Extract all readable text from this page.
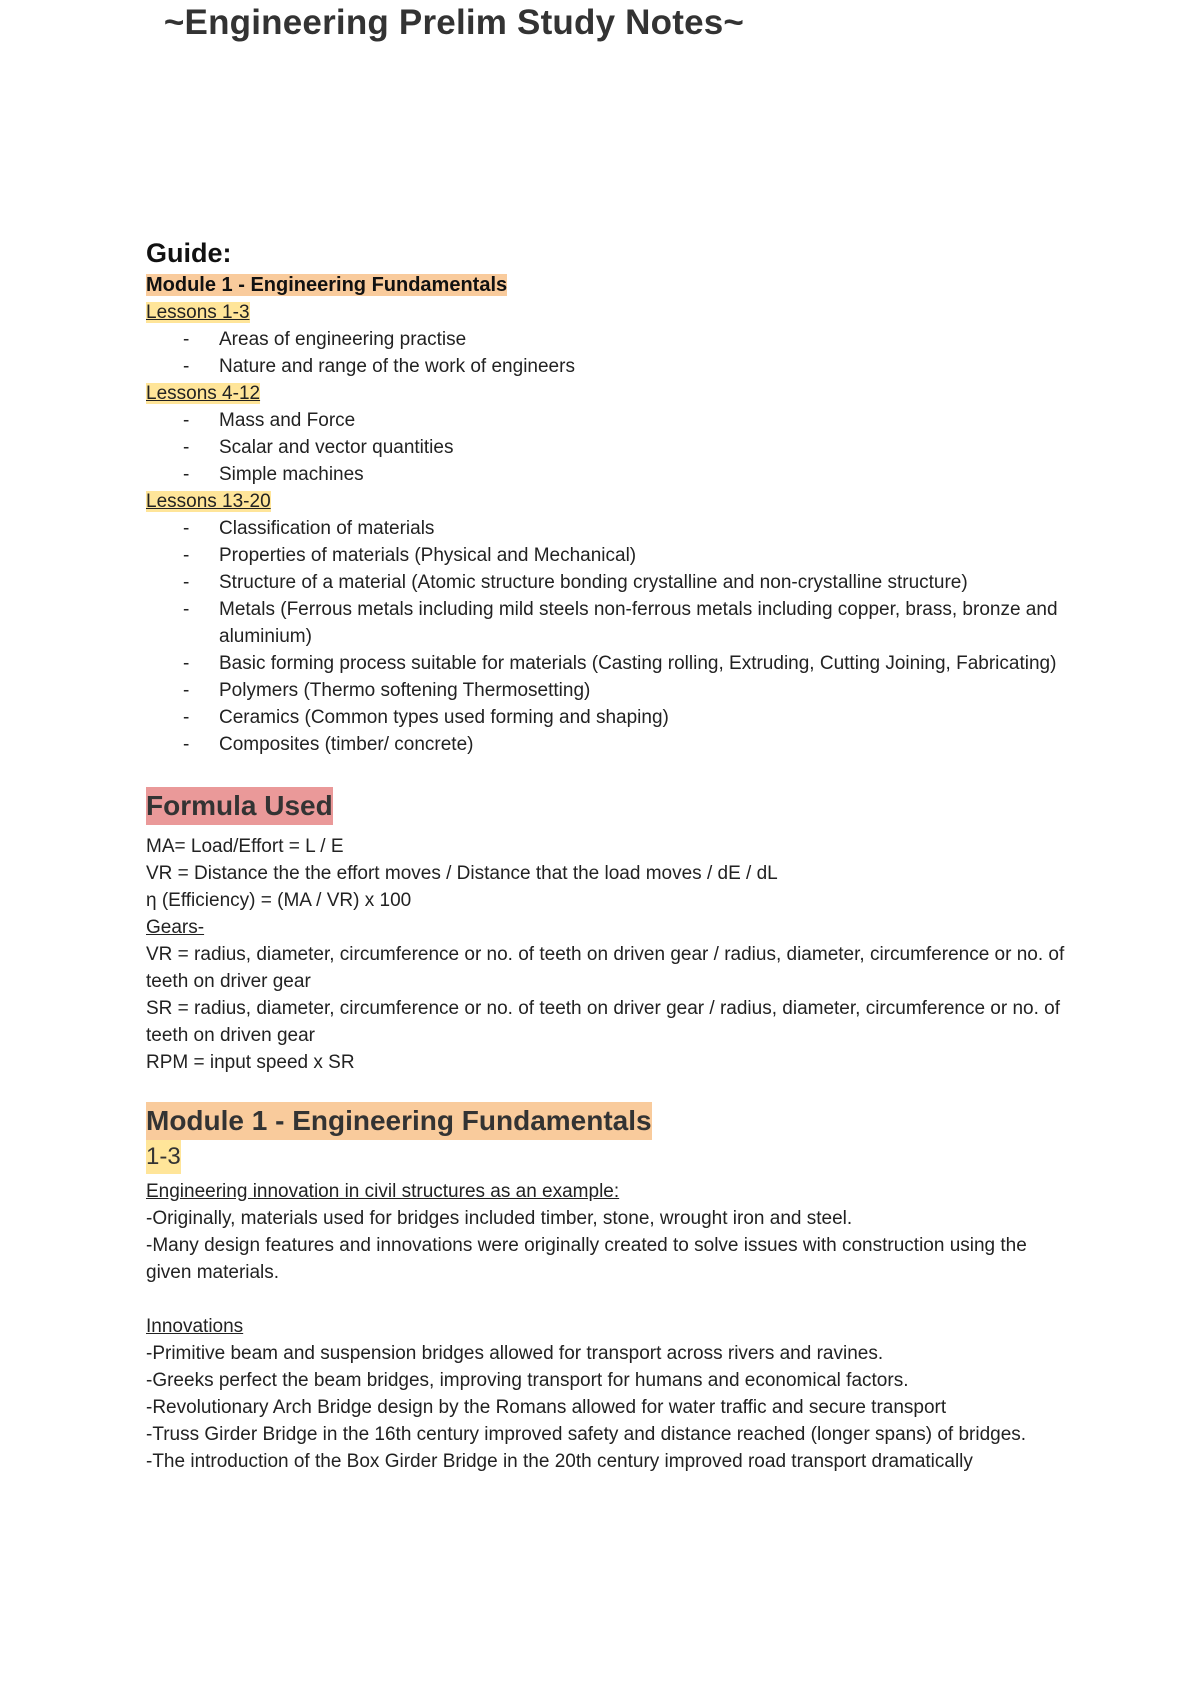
~Engineering Prelim Study Notes~
Guide:
Module 1 - Engineering Fundamentals
Lessons 1-3
- Areas of engineering practise
- Nature and range of the work of engineers
Lessons 4-12
- Mass and Force
- Scalar and vector quantities
- Simple machines
Lessons 13-20
- Classification of materials
- Properties of materials (Physical and Mechanical)
- Structure of a material (Atomic structure bonding crystalline and non-crystalline structure)
- Metals (Ferrous metals including mild steels non-ferrous metals including copper, brass, bronze and aluminium)
- Basic forming process suitable for materials (Casting rolling, Extruding, Cutting Joining, Fabricating)
- Polymers (Thermo softening Thermosetting)
- Ceramics (Common types used forming and shaping)
- Composites (timber/ concrete)
Formula Used
MA= Load/Effort = L / E
VR = Distance the the effort moves / Distance that the load moves / dE / dL
η (Efficiency) = (MA / VR) x 100
Gears-
VR = radius, diameter, circumference or no. of teeth on driven gear / radius, diameter, circumference or no. of teeth on driver gear
SR = radius, diameter, circumference or no. of teeth on driver gear / radius, diameter, circumference or no. of teeth on driven gear
RPM = input speed x SR
Module 1 - Engineering Fundamentals
1-3
Engineering innovation in civil structures as an example:
-Originally, materials used for bridges included timber, stone, wrought iron and steel.
-Many design features and innovations were originally created to solve issues with construction using the given materials.
Innovations
-Primitive beam and suspension bridges allowed for transport across rivers and ravines.
-Greeks perfect the beam bridges, improving transport for humans and economical factors.
-Revolutionary Arch Bridge design by the Romans allowed for water traffic and secure transport
-Truss Girder Bridge in the 16th century improved safety and distance reached (longer spans) of bridges.
-The introduction of the Box Girder Bridge in the 20th century improved road transport dramatically
